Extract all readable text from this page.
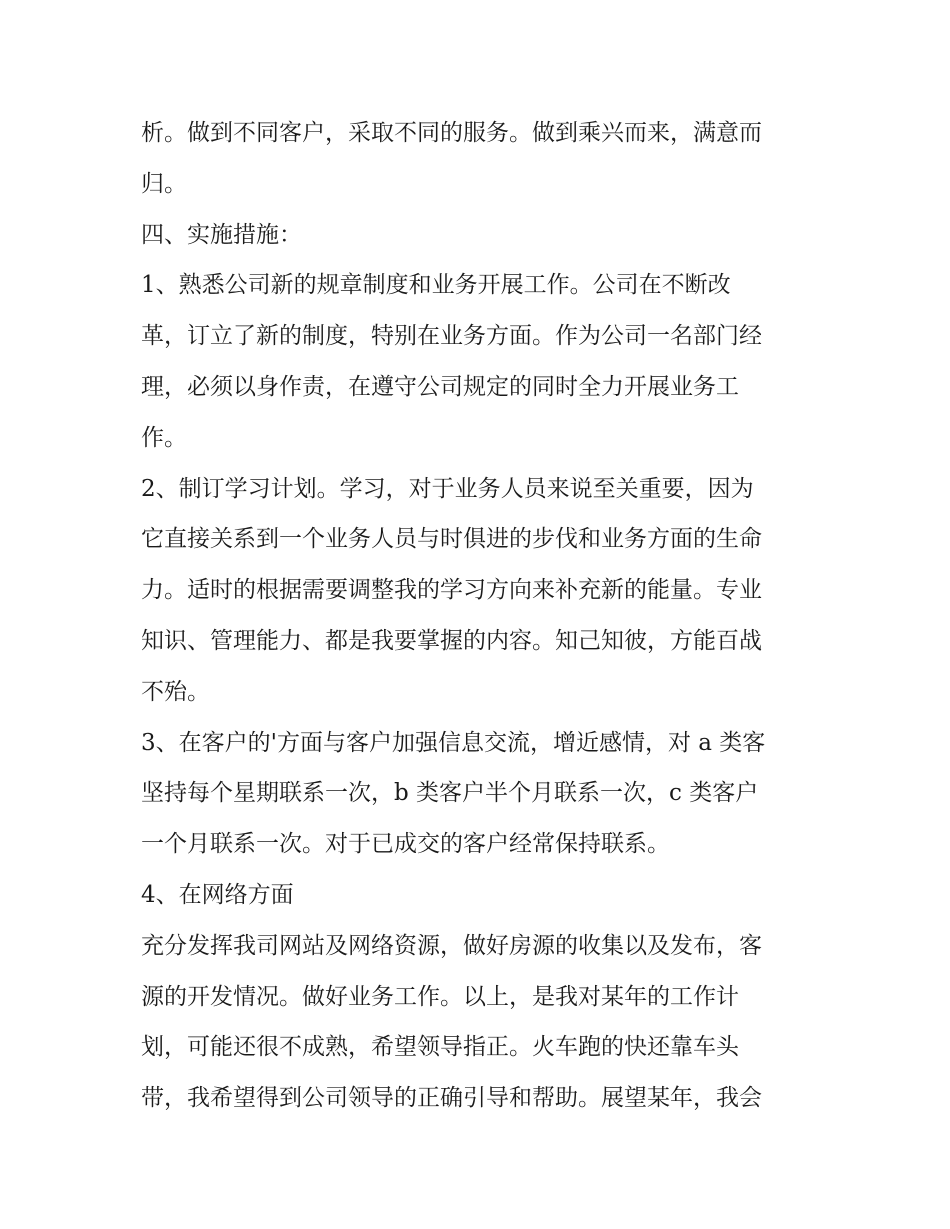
析。做到不同客户，采取不同的服务。做到乘兴而来，满意而
归。
四、实施措施：
1、熟悉公司新的规章制度和业务开展工作。公司在不断改
革，订立了新的制度，特别在业务方面。作为公司一名部门经
理，必须以身作责，在遵守公司规定的同时全力开展业务工
作。
2、制订学习计划。学习，对于业务人员来说至关重要，因为
它直接关系到一个业务人员与时俱进的步伐和业务方面的生命
力。适时的根据需要调整我的学习方向来补充新的能量。专业
知识、管理能力、都是我要掌握的内容。知己知彼，方能百战
不殆。
3、在客户的'方面与客户加强信息交流，增近感情，对 a 类客
坚持每个星期联系一次，b 类客户半个月联系一次，c 类客户
一个月联系一次。对于已成交的客户经常保持联系。
4、在网络方面
充分发挥我司网站及网络资源，做好房源的收集以及发布，客
源的开发情况。做好业务工作。以上，是我对某年的工作计
划，可能还很不成熟，希望领导指正。火车跑的快还靠车头
带，我希望得到公司领导的正确引导和帮助。展望某年，我会
